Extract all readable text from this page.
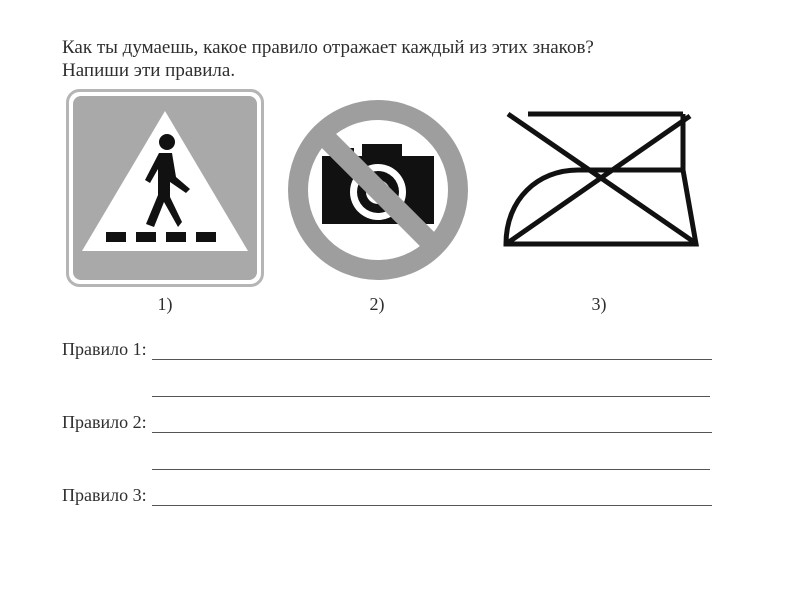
Как ты думаешь, какое правило отражает каждый из этих знаков?
Напиши эти правила.
1)	2)	3)
Правило 1:
Правило 2:
Правило 3:
